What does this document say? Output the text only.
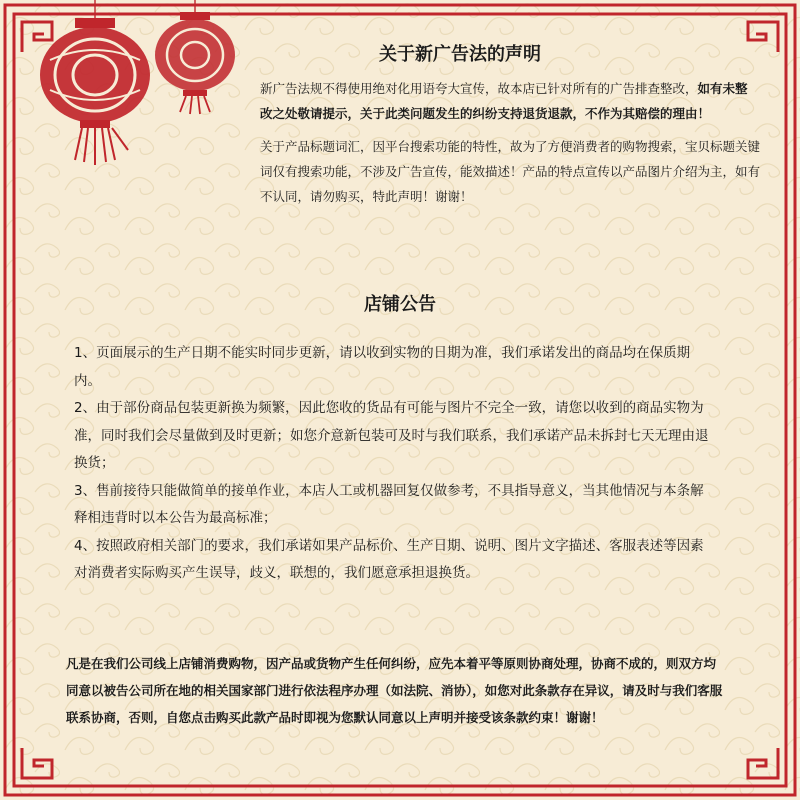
关于新广告法的声明

新广告法规不得使用绝对化用语夸大宣传，故本店已针对所有的广告排查整改，如有未整改之处敬请提示，关于此类问题发生的纠纷支持退货退款，不作为其赔偿的理由！

关于产品标题词汇，因平台搜索功能的特性，故为了方便消费者的购物搜索，宝贝标题关键词仅有搜索功能，不涉及广告宣传，能效描述！产品的特点宣传以产品图片介绍为主，如有不认同，请勿购买，特此声明！谢谢！

店铺公告

1、页面展示的生产日期不能实时同步更新，请以收到实物的日期为准，我们承诺发出的商品均在保质期内。

2、由于部份商品包装更新换为频繁，因此您收的货品有可能与图片不完全一致，请您以收到的商品实物为准，同时我们会尽量做到及时更新；如您介意新包装可及时与我们联系，我们承诺产品未拆封七天无理由退换货；

3、售前接待只能做简单的接单作业，本店人工或机器回复仅做参考，不具指导意义，当其他情况与本条解释相违背时以本公告为最高标准；

4、按照政府相关部门的要求，我们承诺如果产品标价、生产日期、说明、图片文字描述、客服表述等因素对消费者实际购买产生误导，歧义，联想的，我们愿意承担退换货。

凡是在我们公司线上店铺消费购物，因产品或货物产生任何纠纷，应先本着平等原则协商处理，协商不成的，则双方均同意以被告公司所在地的相关国家部门进行依法程序办理（如法院、消协），如您对此条款存在异议，请及时与我们客服联系协商，否则，自您点击购买此款产品时即视为您默认同意以上声明并接受该条款约束！谢谢！
